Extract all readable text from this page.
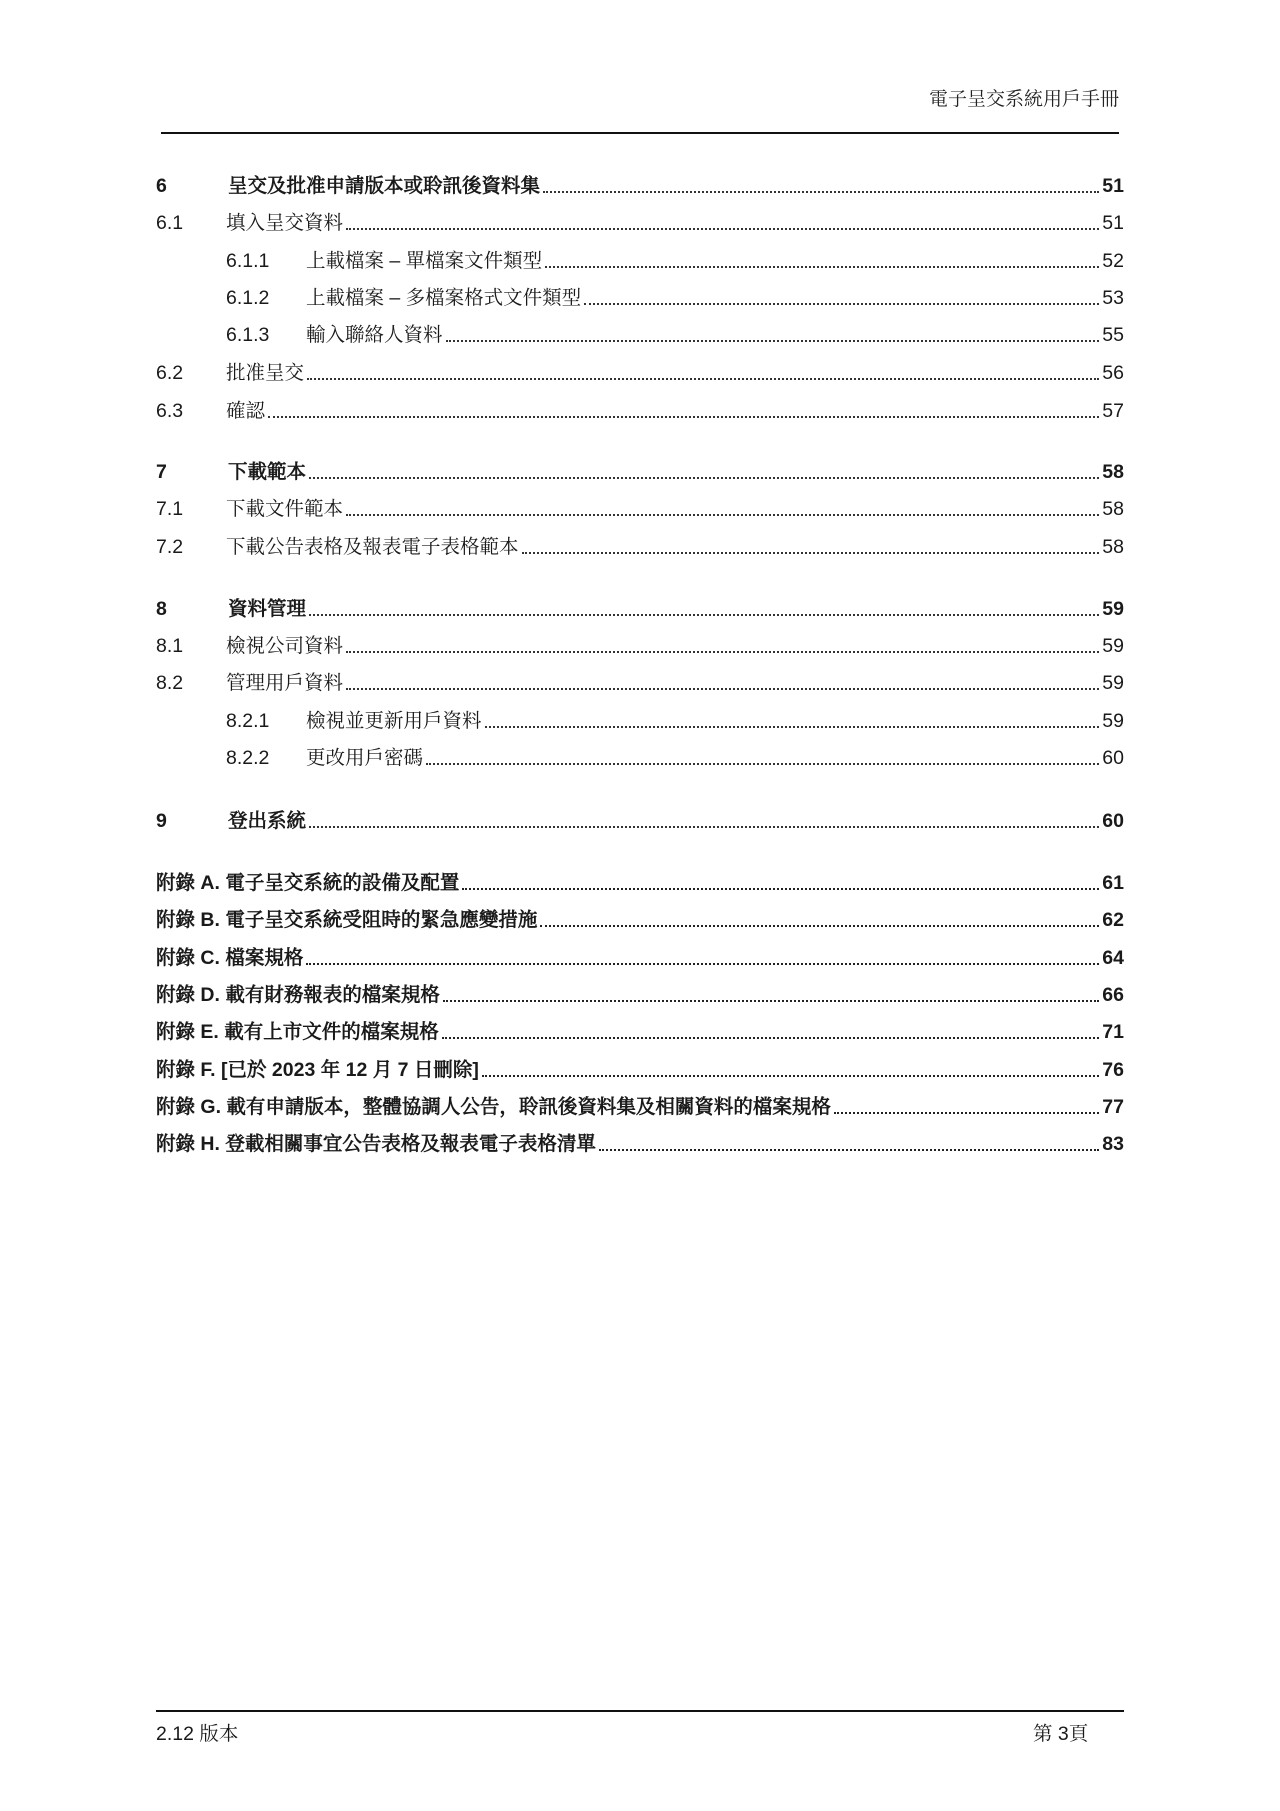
電子呈交系統用戶手冊
6	呈交及批准申請版本或聆訊後資料集	51
6.1	填入呈交資料	51
6.1.1	上載檔案 – 單檔案文件類型	52
6.1.2	上載檔案 – 多檔案格式文件類型	53
6.1.3	輸入聯絡人資料	55
6.2	批准呈交	56
6.3	確認	57
7	下載範本	58
7.1	下載文件範本	58
7.2	下載公告表格及報表電子表格範本	58
8	資料管理	59
8.1	檢視公司資料	59
8.2	管理用戶資料	59
8.2.1	檢視並更新用戶資料	59
8.2.2	更改用戶密碼	60
9	登出系統	60
附錄 A. 電子呈交系統的設備及配置	61
附錄 B. 電子呈交系統受阻時的緊急應變措施	62
附錄 C. 檔案規格	64
附錄 D. 載有財務報表的檔案規格	66
附錄 E. 載有上市文件的檔案規格	71
附錄 F. [已於 2023 年 12 月 7 日刪除]	76
附錄 G. 載有申請版本，整體協調人公告，聆訊後資料集及相關資料的檔案規格	77
附錄 H. 登載相關事宜公告表格及報表電子表格清單	83
2.12 版本	第 3頁
